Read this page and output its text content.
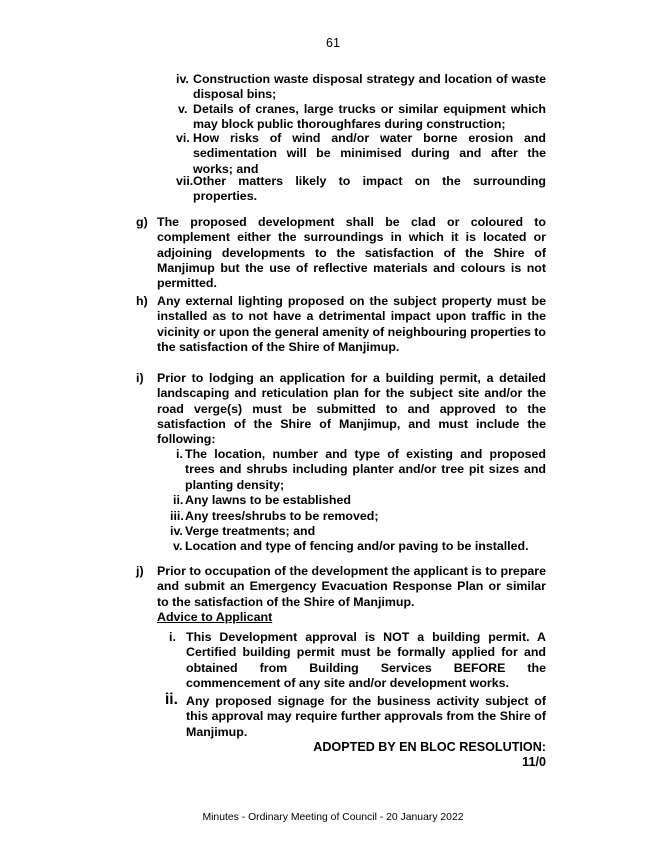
61
iv. Construction waste disposal strategy and location of waste disposal bins;
v. Details of cranes, large trucks or similar equipment which may block public thoroughfares during construction;
vi. How risks of wind and/or water borne erosion and sedimentation will be minimised during and after the works; and
vii. Other matters likely to impact on the surrounding properties.
g) The proposed development shall be clad or coloured to complement either the surroundings in which it is located or adjoining developments to the satisfaction of the Shire of Manjimup but the use of reflective materials and colours is not permitted.
h) Any external lighting proposed on the subject property must be installed as to not have a detrimental impact upon traffic in the vicinity or upon the general amenity of neighbouring properties to the satisfaction of the Shire of Manjimup.
i) Prior to lodging an application for a building permit, a detailed landscaping and reticulation plan for the subject site and/or the road verge(s) must be submitted to and approved to the satisfaction of the Shire of Manjimup, and must include the following:
i. The location, number and type of existing and proposed trees and shrubs including planter and/or tree pit sizes and planting density;
ii. Any lawns to be established
iii. Any trees/shrubs to be removed;
iv. Verge treatments; and
v. Location and type of fencing and/or paving to be installed.
j) Prior to occupation of the development the applicant is to prepare and submit an Emergency Evacuation Response Plan or similar to the satisfaction of the Shire of Manjimup.
Advice to Applicant
i. This Development approval is NOT a building permit. A Certified building permit must be formally applied for and obtained from Building Services BEFORE the commencement of any site and/or development works.
ii. Any proposed signage for the business activity subject of this approval may require further approvals from the Shire of Manjimup.
ADOPTED BY EN BLOC RESOLUTION: 11/0
Minutes - Ordinary Meeting of Council - 20 January 2022
